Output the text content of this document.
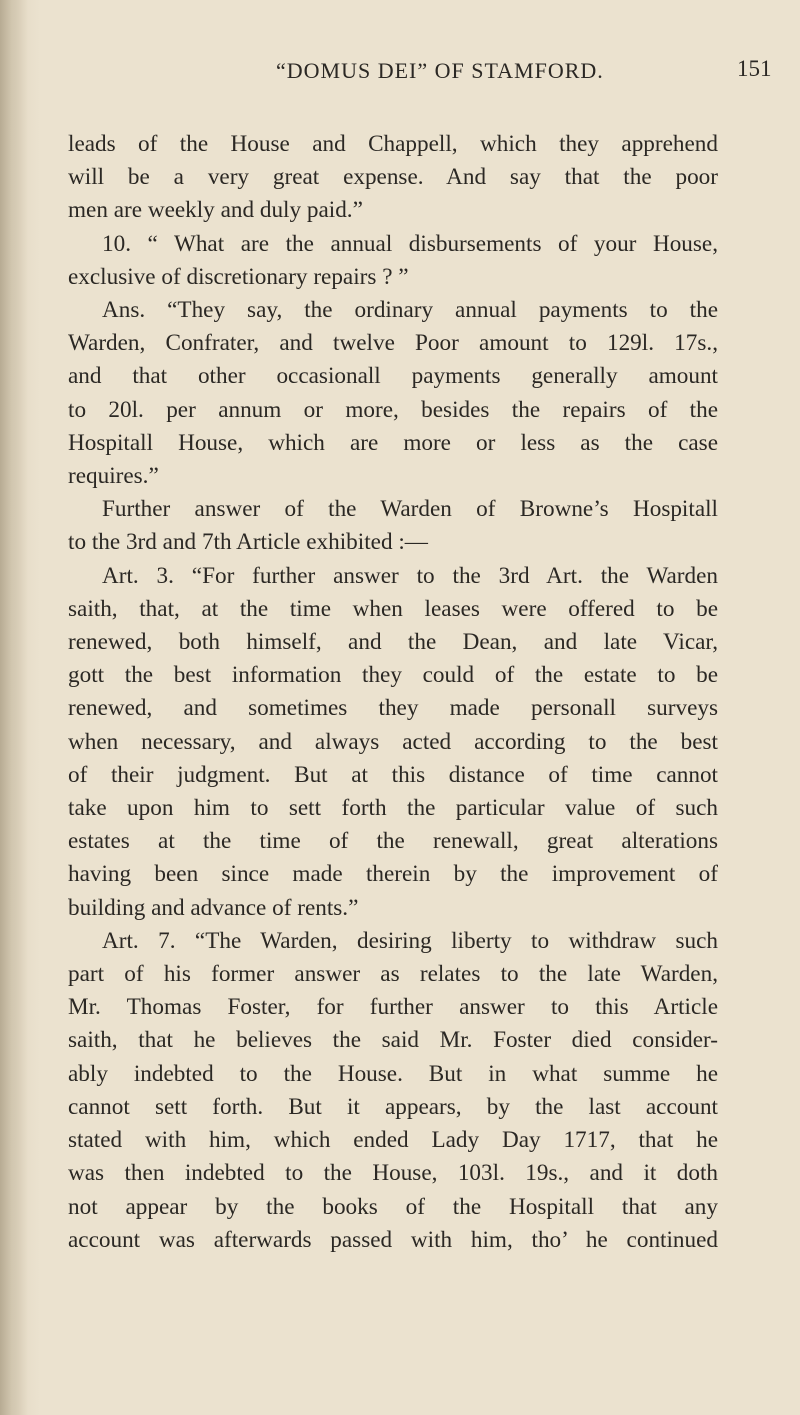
“DOMUS DEI” OF STAMFORD.	151
leads of the House and Chappell, which they apprehend
will be a very great expense. And say that the poor
men are weekly and duly paid.”
10. “ What are the annual disbursements of your House,
exclusive of discretionary repairs ? ”
Ans. “They say, the ordinary annual payments to the
Warden, Confrater, and twelve Poor amount to 129l. 17s.,
and that other occasionall payments generally amount
to 20l. per annum or more, besides the repairs of the
Hospitall House, which are more or less as the case
requires.”
Further answer of the Warden of Browne’s Hospitall
to the 3rd and 7th Article exhibited :—
Art. 3. “For further answer to the 3rd Art. the Warden
saith, that, at the time when leases were offered to be
renewed, both himself, and the Dean, and late Vicar,
gott the best information they could of the estate to be
renewed, and sometimes they made personall surveys
when necessary, and always acted according to the best
of their judgment. But at this distance of time cannot
take upon him to sett forth the particular value of such
estates at the time of the renewall, great alterations
having been since made therein by the improvement of
building and advance of rents.”
Art. 7. “The Warden, desiring liberty to withdraw such
part of his former answer as relates to the late Warden,
Mr. Thomas Foster, for further answer to this Article
saith, that he believes the said Mr. Foster died consider-
ably indebted to the House. But in what summe he
cannot sett forth. But it appears, by the last account
stated with him, which ended Lady Day 1717, that he
was then indebted to the House, 103l. 19s., and it doth
not appear by the books of the Hospitall that any
account was afterwards passed with him, tho’ he continued
